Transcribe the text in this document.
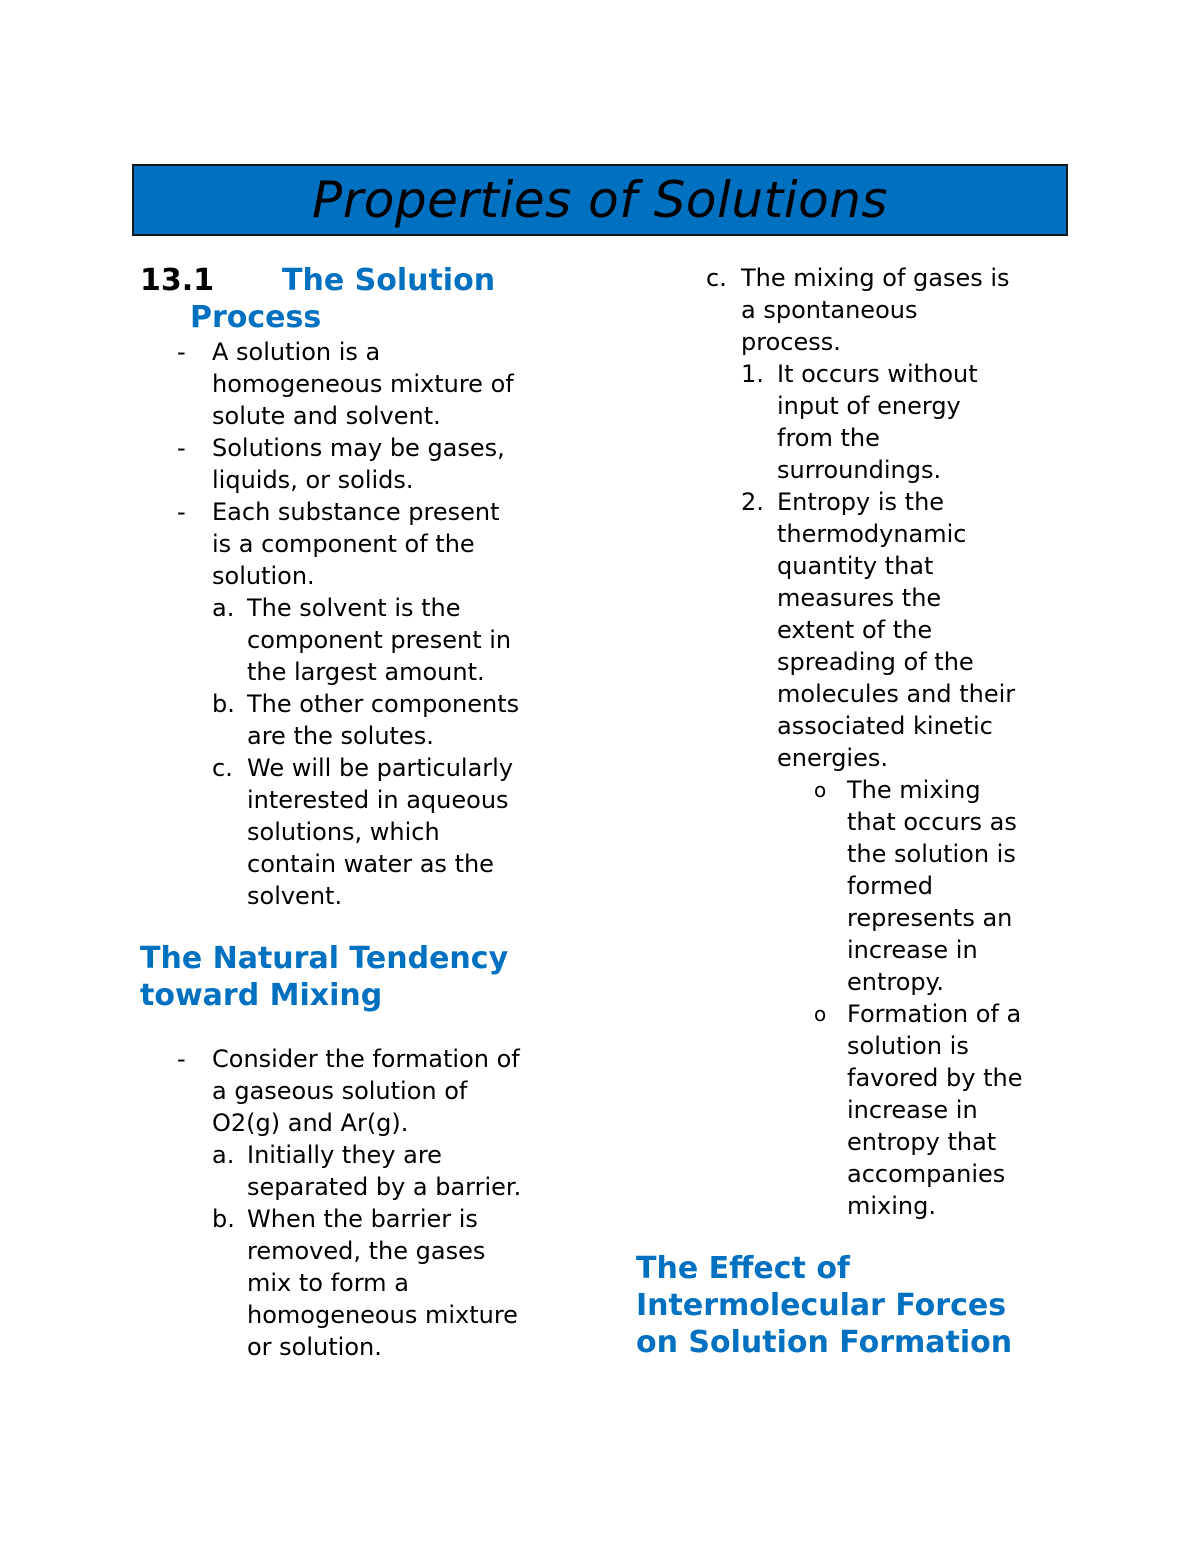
Properties of Solutions
13.1 The Solution
Process
- A solution is a
homogeneous mixture of
solute and solvent.
- Solutions may be gases,
liquids, or solids.
- Each substance present
is a component of the
solution.
a. The solvent is the
component present in
the largest amount.
b. The other components
are the solutes.
c. We will be particularly
interested in aqueous
solutions, which
contain water as the
solvent.
The Natural Tendency
toward Mixing
- Consider the formation of
a gaseous solution of
O2(g) and Ar(g).
a. Initially they are
separated by a barrier.
b. When the barrier is
removed, the gases
mix to form a
homogeneous mixture
or solution.
c. The mixing of gases is
a spontaneous
process.
1. It occurs without
input of energy
from the
surroundings.
2. Entropy is the
thermodynamic
quantity that
measures the
extent of the
spreading of the
molecules and their
associated kinetic
energies.
o The mixing
that occurs as
the solution is
formed
represents an
increase in
entropy.
o Formation of a
solution is
favored by the
increase in
entropy that
accompanies
mixing.
The Effect of
Intermolecular Forces
on Solution Formation
